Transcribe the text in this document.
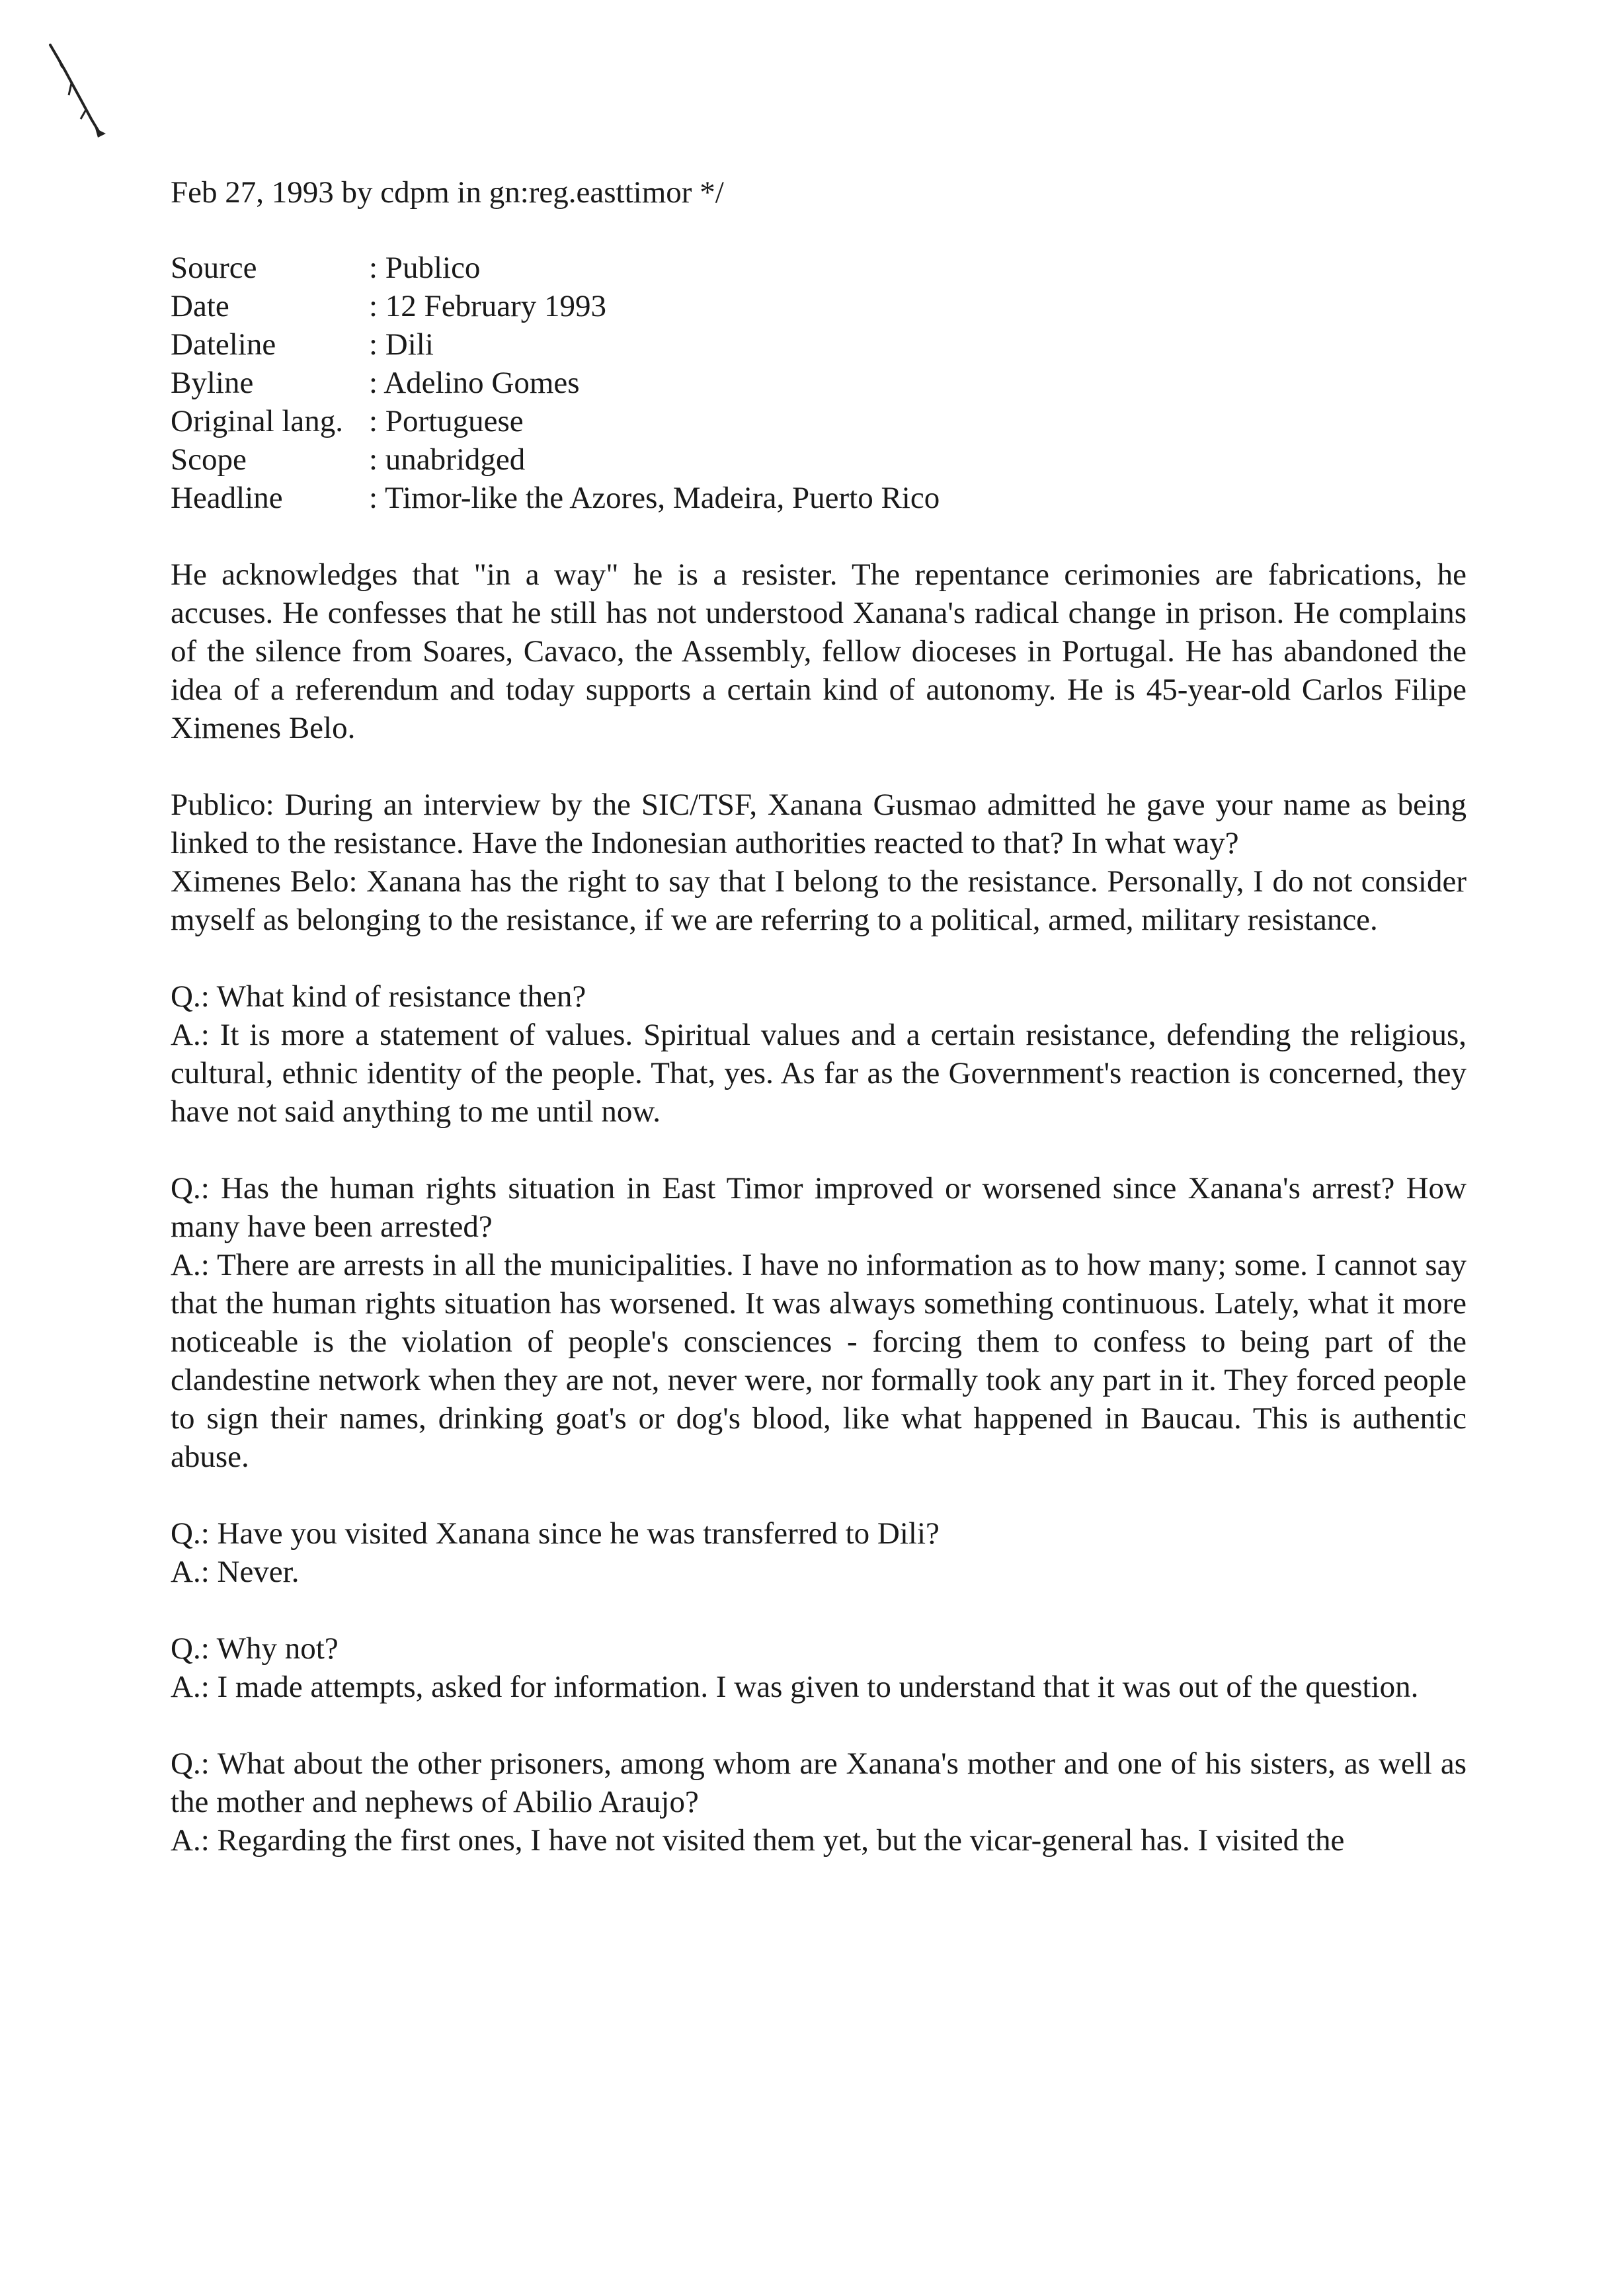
Feb 27, 1993 by cdpm in gn:reg.easttimor */
Source	: Publico
Date	: 12 February 1993
Dateline	: Dili
Byline	: Adelino Gomes
Original lang. : Portuguese
Scope	: unabridged
Headline	: Timor-like the Azores, Madeira, Puerto Rico

He acknowledges that "in a way" he is a resister. The repentance cerimonies are fabrications, he accuses. He confesses that he still has not understood Xanana's radical change in prison. He complains of the silence from Soares, Cavaco, the Assembly, fellow dioceses in Portugal. He has abandoned the idea of a referendum and today supports a certain kind of autonomy. He is 45-year-old Carlos Filipe Ximenes Belo.

Publico: During an interview by the SIC/TSF, Xanana Gusmao admitted he gave your name as being linked to the resistance. Have the Indonesian authorities reacted to that? In what way?
Ximenes Belo: Xanana has the right to say that I belong to the resistance. Personally, I do not consider myself as belonging to the resistance, if we are referring to a political, armed, military resistance.

Q.: What kind of resistance then?
A.: It is more a statement of values. Spiritual values and a certain resistance, defending the religious, cultural, ethnic identity of the people. That, yes. As far as the Government's reaction is concerned, they have not said anything to me until now.

Q.: Has the human rights situation in East Timor improved or worsened since Xanana's arrest? How many have been arrested?
A.: There are arrests in all the municipalities. I have no information as to how many; some. I cannot say that the human rights situation has worsened. It was always something continuous. Lately, what it more noticeable is the violation of people's consciences - forcing them to confess to being part of the clandestine network when they are not, never were, nor formally took any part in it. They forced people to sign their names, drinking goat's or dog's blood, like what happened in Baucau. This is authentic abuse.

Q.: Have you visited Xanana since he was transferred to Dili?
A.: Never.

Q.: Why not?
A.: I made attempts, asked for information. I was given to understand that it was out of the question.

Q.: What about the other prisoners, among whom are Xanana's mother and one of his sisters, as well as the mother and nephews of Abilio Araujo?
A.: Regarding the first ones, I have not visited them yet, but the vicar-general has. I visited the
